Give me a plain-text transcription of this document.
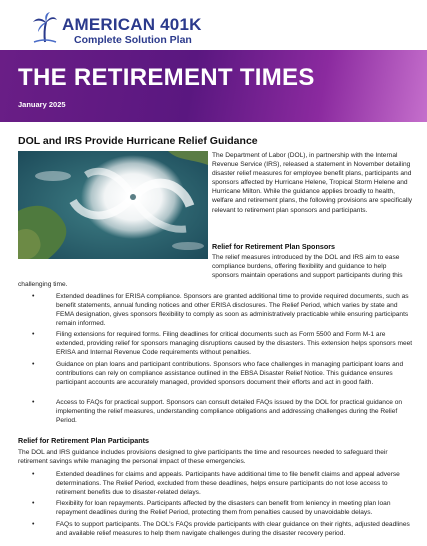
AMERICAN 401K
Complete Solution Plan
THE RETIREMENT TIMES
January 2025
DOL and IRS Provide Hurricane Relief Guidance
The Department of Labor (DOL), in partnership with the Internal Revenue Service (IRS), released a statement in November detailing disaster relief measures for employee benefit plans, participants and sponsors affected by Hurricane Helene, Tropical Storm Helene and Hurricane Milton. While the guidance applies broadly to health, welfare and retirement plans, the following provisions are specifically relevant to retirement plan sponsors and participants.
Relief for Retirement Plan Sponsors
The relief measures introduced by the DOL and IRS aim to ease compliance burdens, offering flexibility and guidance to help sponsors maintain operations and support participants during this
challenging time.
•	Extended deadlines for ERISA compliance. Sponsors are granted additional time to provide required documents, such as benefit statements, annual funding notices and other ERISA disclosures. The Relief Period, which varies by state and FEMA designation, gives sponsors flexibility to comply as soon as administratively practicable while ensuring participants remain informed.
•	Filing extensions for required forms. Filing deadlines for critical documents such as Form 5500 and Form M-1 are extended, providing relief for sponsors managing disruptions caused by the disasters. This extension helps sponsors meet ERISA and Internal Revenue Code requirements without penalties.
•	Guidance on plan loans and participant contributions. Sponsors who face challenges in managing participant loans and contributions can rely on compliance assistance outlined in the EBSA Disaster Relief Notice. This guidance ensures participant accounts are accurately managed, provided sponsors document their efforts and act in good faith.
•	Access to FAQs for practical support. Sponsors can consult detailed FAQs issued by the DOL for practical guidance on implementing the relief measures, understanding compliance obligations and addressing challenges during the Relief Period.
Relief for Retirement Plan Participants
The DOL and IRS guidance includes provisions designed to give participants the time and resources needed to safeguard their retirement savings while managing the personal impact of these emergencies.
•	Extended deadlines for claims and appeals. Participants have additional time to file benefit claims and appeal adverse determinations. The Relief Period, excluded from these deadlines, helps ensure participants do not lose access to retirement benefits due to disaster-related delays.
•	Flexibility for loan repayments. Participants affected by the disasters can benefit from leniency in meeting plan loan repayment deadlines during the Relief Period, protecting them from penalties caused by unavoidable delays.
•	FAQs to support participants. The DOL’s FAQs provide participants with clear guidance on their rights, adjusted deadlines and available relief measures to help them navigate challenges during the disaster recovery period.
